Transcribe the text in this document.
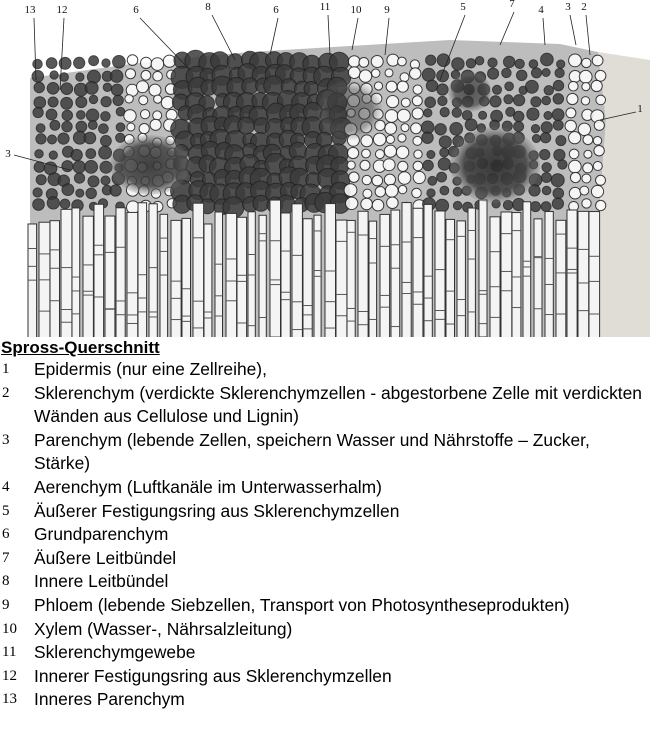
13 12	6	8	6	11 10 9	5	7 4 3 2
1
3
Spross-Querschnitt
1	Epidermis (nur eine Zellreihe),
2	Sklerenchym (verdickte Sklerenchymzellen - abgestorbene Zelle mit verdickten Wänden aus Cellulose und Lignin)
3	Parenchym (lebende Zellen, speichern Wasser und Nährstoffe – Zucker, Stärke)
4	Aerenchym (Luftkanäle im Unterwasserhalm)
5	Äußerer Festigungsring aus Sklerenchymzellen
6	Grundparenchym
7	Äußere Leitbündel
8	Innere Leitbündel
9	Phloem (lebende Siebzellen, Transport von Photosyntheseprodukten)
10 Xylem (Wasser-, Nährsalzleitung)
11	Sklerenchymgewebe
12 Innerer Festigungsring aus Sklerenchymzellen
13 Inneres Parenchym
